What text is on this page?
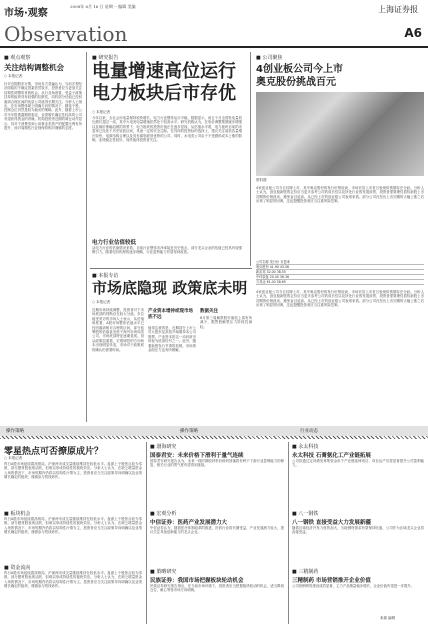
市场·观察
Observation
2008年 6月 16 日 星期一 编辑 美编	上海证券报
A6
■ 观点观察
关注结构调整机会
○ 本报记者
针对近期股市行情，市场各方普遍认为，当前宏观经济面临的不确定因素依然较多，投资者应当更加关注结构性调整带来的机会。从行业角度看，受益于政策扶持的板块具有较强的抗跌性，同时部分估值已经回落到合理区间的优质公司值得长期关注。分析人士指出，在市场整体缺乏明确方向的情况下，精选个股、控制仓位仍然是较为稳妥的策略。此外，随着上市公司半年报披露期的临近，业绩增长确定性较高的公司有望获得资金的青睐。机构投资者近期的调仓动作显示，其对于消费类和公用事业类资产的配置比例有所提升，而对周期性行业则保持相对谨慎的态度。
■ 研究报告
电量增速高位运行
电力板块后市存优
○ 本报记者
今年以来，全社会用电量保持较快增长，电力行业整体运行平稳。数据显示，前五个月全国发电量同比增长超过一成，其中火电发电量增速依然处于较高水平。研究机构认为，在电价调整预期逐步增强以及煤价涨幅趋缓的背景下，电力板块的投资价值正在逐步显现。从估值水平看，电力板块目前的市盈率已经处于历史较低区间，具备一定的安全边际。在具体的投资标的选择上，建议关注装机容量增长较快、电源结构合理以及具有煤电联营优势的公司。同时，水电类公司由于不受燃料成本上涨的影响，业绩稳定性较好，同样值得投资者关注。
电力行业估值较低
从电力行业的估值情况来看，目前行业整体市净率接近历史低点，部分龙头企业的估值已经具有较强吸引力。随着电价机制的逐步理顺，行业盈利能力有望得到改善。
■ 公司聚焦
4创业板公司今上市
奥克股份挑战百元
资料图
4家创业板公司今日挂牌上市，其中奥克股份的发行价格较高，市场对其上市首日表现的预期存在分歧。分析人士认为，创业板新股的定价应当更多参考公司的成长性以及所处行业的发展前景，投资者需要理性看待新股上市初期的价格波动，避免盲目追高。从已经上市的创业板公司表现来看，部分公司在经历上市初期的大幅上涨之后出现了明显的回调，这也提醒投资者应当注重风险控制。
公司名称 发行价 市盈率
奥克股份 41.90 43.56
新宙邦 32.00 38.55
中环装备 20.00 36.36
万邦达 61.00 58.65
■ 本报专访
市场底隐现 政策底未明
○ 本报记者
近期市场持续调整，投资者对于市场底部的判断存在较大分歧。多位接受采访的市场人士表示，从估值角度看，A股市场整体估值水平已经回落到相对合理的区间，部分蓝筹股的估值甚至低于海外市场同类公司，市场底部特征逐渐显现。但从政策层面看，宏观调控的方向尚未出现明显转变，市场对于政策底的确认仍需要时间。
产业资本增持或现市场底不远
值得注意的是，近期部分上市公司大股东及高管开始增持本公司股票，产业资本的这一动向被市场视为底部信号之一。此外，随着新股发行节奏的放缓，市场资金面压力也有所缓解。
数据关注
6月第三周解禁股市值较上周有所减少，限售股解禁压力阶段性减轻。
4家创业板公司今日挂牌上市，其中奥克股份的发行价格较高，市场对其上市首日表现的预期存在分歧。分析人士认为，创业板新股的定价应当更多参考公司的成长性以及所处行业的发展前景，投资者需要理性看待新股上市初期的价格波动，避免盲目追高。从已经上市的创业板公司表现来看，部分公司在经历上市初期的大幅上涨之后出现了明显的回调，这也提醒投资者应当注重风险控制。
操作策略	操作策略	行业动态
零星热点可否撩原成片？
○ 本报记者
昨日A股市场延续震荡格局，沪深两市成交量继续维持在较低水平。盘面上个股热点较为零散，部分题材股表现活跃，但难以形成持续性的板块效应。分析人士认为，在缺乏增量资金入场的情况下，市场短期内仍将以结构性行情为主，投资者应当关注政策导向明确以及业绩增长确定的板块，谨慎参与短线炒作。
■ 板块机会
昨日A股市场延续震荡格局，沪深两市成交量继续维持在较低水平。盘面上个股热点较为零散，部分题材股表现活跃，但难以形成持续性的板块效应。分析人士认为，在缺乏增量资金入场的情况下，市场短期内仍将以结构性行情为主，投资者应当关注政策导向明确以及业绩增长确定的板块，谨慎参与短线炒作。
■ 资金流向
昨日A股市场延续震荡格局，沪深两市成交量继续维持在较低水平。盘面上个股热点较为零散，部分题材股表现活跃，但难以形成持续性的板块效应。分析人士认为，在缺乏增量资金入场的情况下，市场短期内仍将以结构性行情为主，投资者应当关注政策导向明确以及业绩增长确定的板块，谨慎参与短线炒作。
■ 渤海研究
国泰君安：未来价格下滑利于量气连续
国泰君安研究报告认为，未来一段时期原材料价格的回落将有利于下游行业盈利能力的修复，相关行业的景气度有望得到延续。
■ 宏观分析
中信证券：医药产业发展潜力大
中信证券认为，随着医疗体制改革的推进，医药行业将长期受益，产业发展潜力较大，建议关注具备创新能力的龙头企业。
■ 策略研究
民族证券：我国市场把握板块轮动机会
民族证券研究报告指出，在当前市场环境下，投资者应当把握板块轮动的机会，适当降低仓位，耐心等待市场方向明朗。
■ 永太科技
永太科技 石膏氨化工产业链拓展
公司拟通过定向增发募集资金用于产业链延伸项目，项目达产后将显著提升公司盈利能力。
■ 八一钢铁
八一钢铁 直接受益大力发展新疆
随着区域经济开发力度的加大，当地钢材需求有望保持旺盛，公司作为区域龙头企业将直接受益。
■ 三精制药
三精制药 市场营销推开企业价值
公司营销网络建设成效显著，主力产品销量稳步增长，企业价值有望进一步提升。
来源 编辑
